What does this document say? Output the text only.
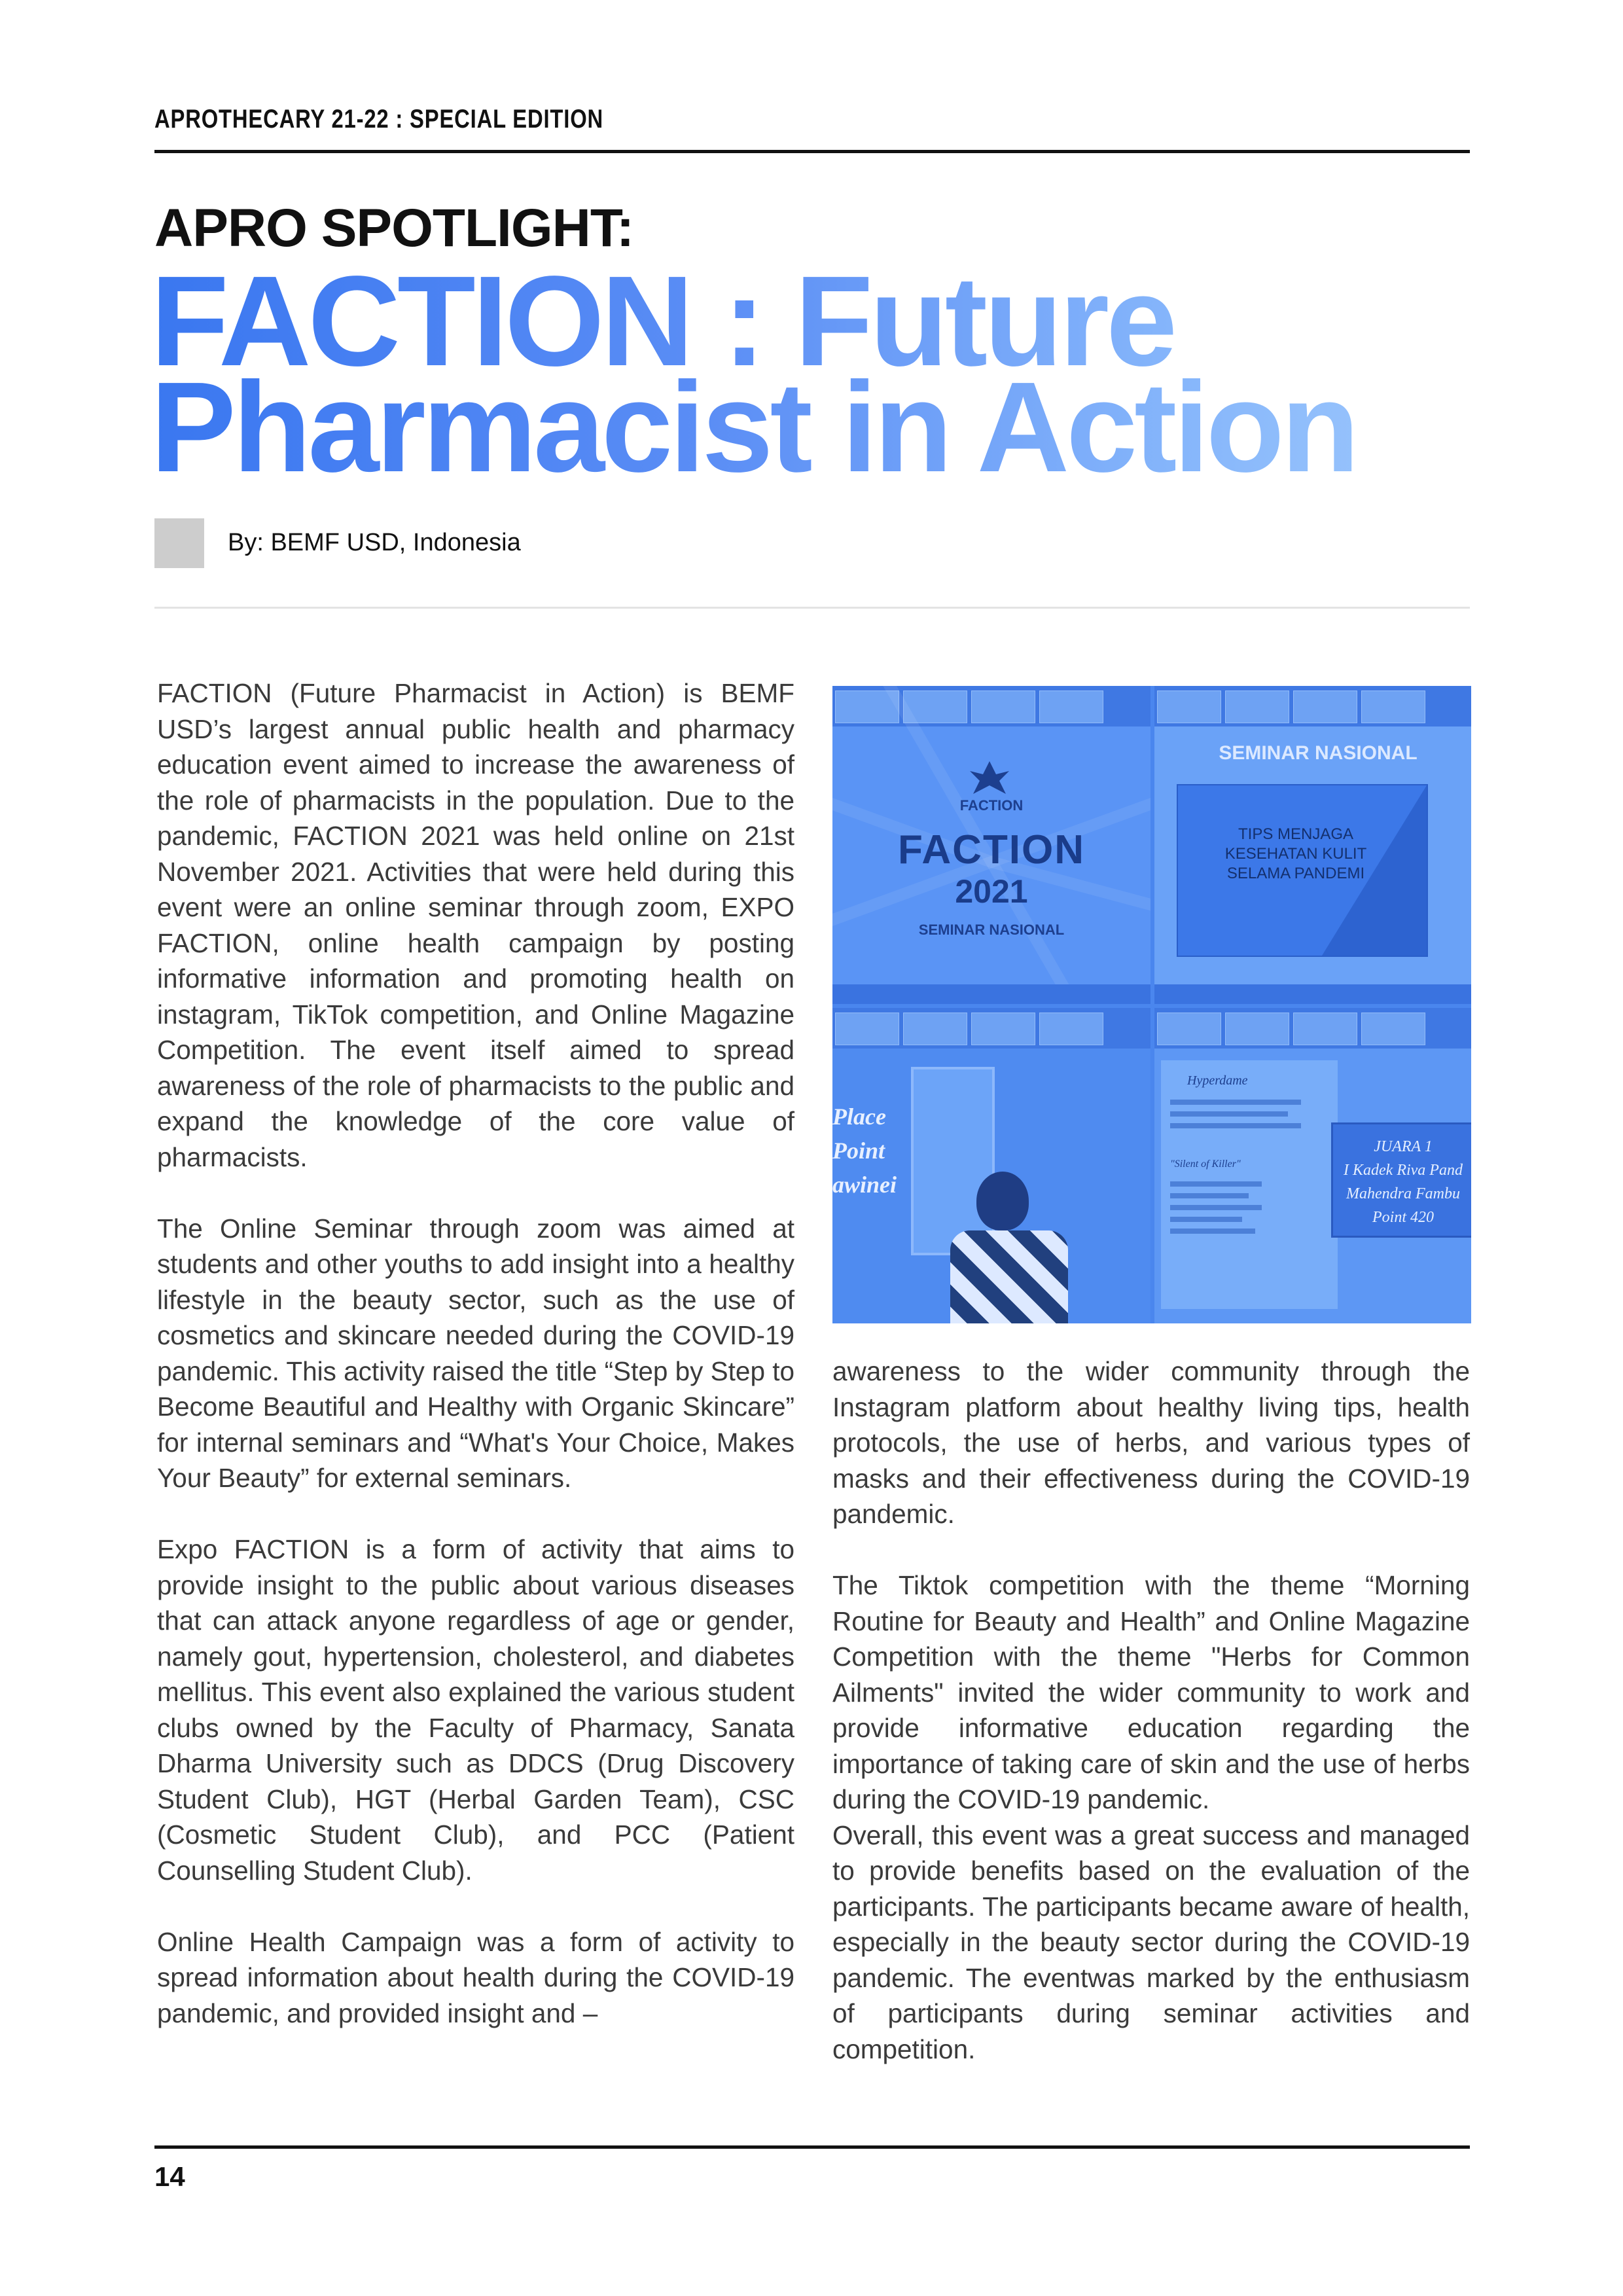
APROTHECARY 21-22 : SPECIAL EDITION
APRO SPOTLIGHT:
FACTION : Future
Pharmacist in Action
By: BEMF USD, Indonesia

FACTION (Future Pharmacist in Action) is BEMF USD’s largest annual public health and pharmacy education event aimed to increase the awareness of the role of pharmacists in the population. Due to the pandemic, FACTION 2021 was held online on 21st November 2021. Activities that were held during this event were an online seminar through zoom, EXPO FACTION, online health campaign by posting informative information and promoting health on instagram, TikTok competition, and Online Magazine Competition. The event itself aimed to spread awareness of the role of pharmacists to the public and expand the knowledge of the core value of pharmacists.

The Online Seminar through zoom was aimed at students and other youths to add insight into a healthy lifestyle in the beauty sector, such as the use of cosmetics and skincare needed during the COVID-19 pandemic. This activity raised the title “Step by Step to Become Beautiful and Healthy with Organic Skincare” for internal seminars and “What's Your Choice, Makes Your Beauty” for external seminars.

Expo FACTION is a form of activity that aims to provide insight to the public about various diseases that can attack anyone regardless of age or gender, namely gout, hypertension, cholesterol, and diabetes mellitus. This event also explained the various student clubs owned by the Faculty of Pharmacy, Sanata Dharma University such as DDCS (Drug Discovery Student Club), HGT (Herbal Garden Team), CSC (Cosmetic Student Club), and PCC (Patient Counselling Student Club).

Online Health Campaign was a form of activity to spread information about health during the COVID-19 pandemic, and provided insight and –

FACTION
FACTION
2021
SEMINAR NASIONAL
SEMINAR NASIONAL
TIPS MENJAGA KESEHATAN KULIT SELAMA PANDEMI
Place
Point
awinei
Hyperdame
"Silent of Killer"
JUARA 1
I Kadek Riva Pand
Mahendra Fambu
Point 420

awareness to the wider community through the Instagram platform about healthy living tips, health protocols, the use of herbs, and various types of masks and their effectiveness during the COVID-19 pandemic.

The Tiktok competition with the theme “Morning Routine for Beauty and Health” and Online Magazine Competition with the theme "Herbs for Common Ailments" invited the wider community to work and provide informative education regarding the importance of taking care of skin and the use of herbs during the COVID-19 pandemic.

Overall, this event was a great success and managed to provide benefits based on the evaluation of the participants. The participants became aware of health, especially in the beauty sector during the COVID-19 pandemic. The eventwas marked by the enthusiasm of participants during seminar activities and competition.

14
